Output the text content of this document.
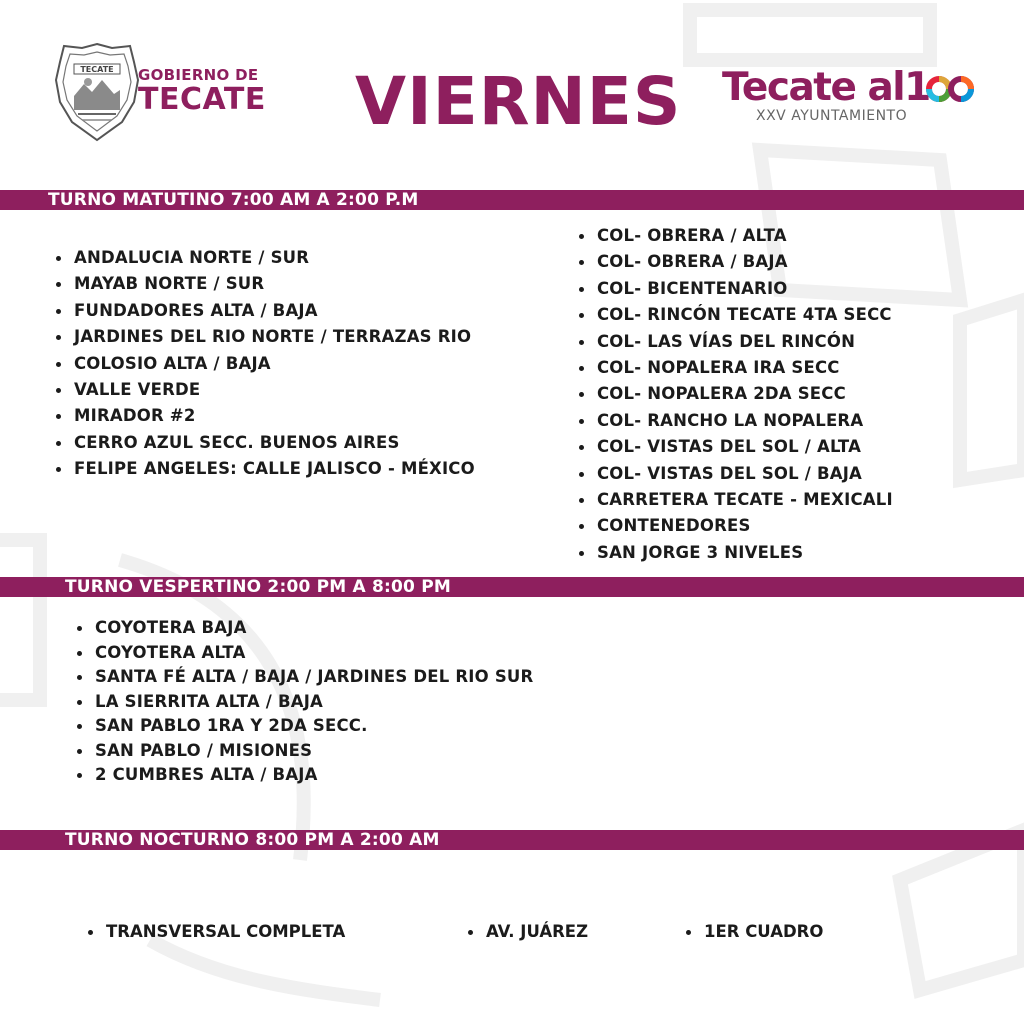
TECATE GOBIERNO DE
TECATE VIERNES Tecate al1
XXV AYUNTAMIENTO
TURNO MATUTINO 7:00 AM A 2:00 P.M
ANDALUCIA NORTE / SUR
MAYAB NORTE / SUR
FUNDADORES ALTA / BAJA
JARDINES DEL RIO NORTE / TERRAZAS RIO
COLOSIO ALTA / BAJA
VALLE VERDE
MIRADOR #2
CERRO AZUL SECC. BUENOS AIRES
FELIPE ANGELES: CALLE JALISCO - MÉXICO
COL- OBRERA / ALTA
COL- OBRERA / BAJA
COL- BICENTENARIO
COL- RINCÓN TECATE 4TA SECC
COL- LAS VÍAS DEL RINCÓN
COL- NOPALERA IRA SECC
COL- NOPALERA 2DA SECC
COL- RANCHO LA NOPALERA
COL- VISTAS DEL SOL / ALTA
COL- VISTAS DEL SOL / BAJA
CARRETERA TECATE - MEXICALI
CONTENEDORES
SAN JORGE 3 NIVELES
TURNO VESPERTINO 2:00 PM A 8:00 PM
COYOTERA BAJA
COYOTERA ALTA
SANTA FÉ ALTA / BAJA / JARDINES DEL RIO SUR
LA SIERRITA ALTA / BAJA
SAN PABLO 1RA Y 2DA SECC.
SAN PABLO / MISIONES
2 CUMBRES ALTA / BAJA
TURNO NOCTURNO 8:00 PM A 2:00 AM
TRANSVERSAL COMPLETA	AV. JUÁREZ	1ER CUADRO
